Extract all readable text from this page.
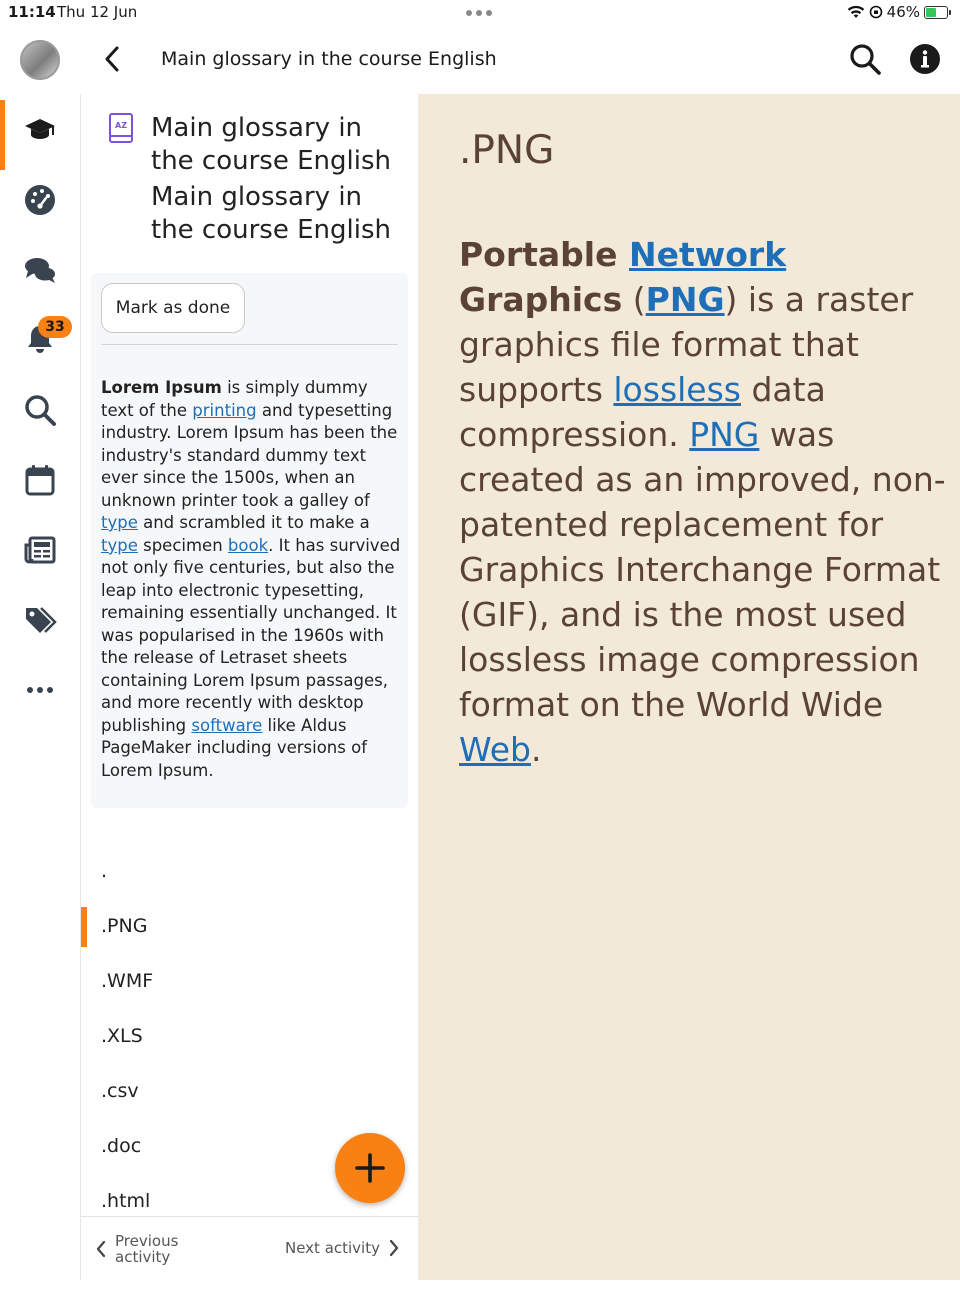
11:14 Thu 12 Jun	46%
33
Main glossary in the course English
AZ Main glossary in the course English
Main glossary in the course English
Mark as done
Lorem Ipsum is simply dummy text of the printing and typesetting industry. Lorem Ipsum has been the industry's standard dummy text ever since the 1500s, when an unknown printer took a galley of type and scrambled it to make a type specimen book. It has survived not only five centuries, but also the leap into electronic typesetting, remaining essentially unchanged. It was popularised in the 1960s with the release of Letraset sheets containing Lorem Ipsum passages, and more recently with desktop publishing software like Aldus PageMaker including versions of Lorem Ipsum.
.
.PNG
.WMF
.XLS
.csv
.doc
.html
Previous activity	Next activity
.PNG
Portable Network
Graphics (PNG) is a raster graphics file format that supports lossless data compression. PNG was created as an improved, non-patented replacement for Graphics Interchange Format (GIF), and is the most used lossless image compression format on the World Wide Web.
